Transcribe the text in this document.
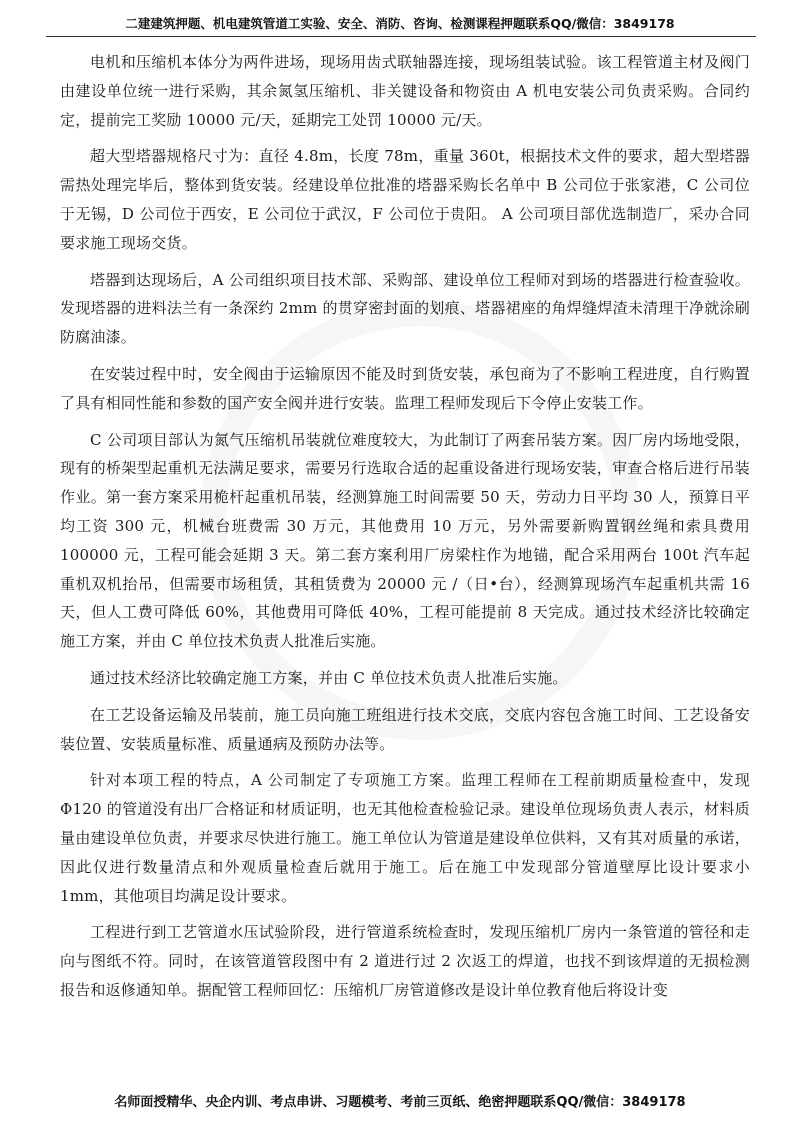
二建建筑押题、机电建筑管道工实验、安全、消防、咨询、检测课程押题联系QQ/微信：3849178

电机和压缩机本体分为两件进场，现场用齿式联轴器连接，现场组装试验。该工程管道主材及阀门由建设单位统一进行采购，其余氮氢压缩机、非关键设备和物资由 A 机电安装公司负责采购。合同约定，提前完工奖励 10000 元/天，延期完工处罚 10000 元/天。

超大型塔器规格尺寸为：直径 4.8m，长度 78m，重量 360t，根据技术文件的要求，超大型塔器需热处理完毕后，整体到货安装。经建设单位批准的塔器采购长名单中 B 公司位于张家港，C 公司位于无锡，D 公司位于西安，E 公司位于武汉，F 公司位于贵阳。 A 公司项目部优选制造厂，采办合同要求施工现场交货。

塔器到达现场后，A 公司组织项目技术部、采购部、建设单位工程师对到场的塔器进行检查验收。发现塔器的进料法兰有一条深约 2mm 的贯穿密封面的划痕、塔器裙座的角焊缝焊渣未清理干净就涂刷防腐油漆。

在安装过程中时，安全阀由于运输原因不能及时到货安装，承包商为了不影响工程进度，自行购置了具有相同性能和参数的国产安全阀并进行安装。监理工程师发现后下令停止安装工作。

C 公司项目部认为氮气压缩机吊装就位难度较大，为此制订了两套吊装方案。因厂房内场地受限，现有的桥架型起重机无法满足要求，需要另行选取合适的起重设备进行现场安装，审查合格后进行吊装作业。第一套方案采用桅杆起重机吊装，经测算施工时间需要 50 天，劳动力日平均 30 人，预算日平均工资 300 元，机械台班费需 30 万元，其他费用 10 万元，另外需要新购置钢丝绳和索具费用 100000 元，工程可能会延期 3 天。第二套方案利用厂房梁柱作为地锚，配合采用两台 100t 汽车起重机双机抬吊，但需要市场租赁，其租赁费为 20000 元 /（日•台），经测算现场汽车起重机共需 16 天，但人工费可降低 60%，其他费用可降低 40%，工程可能提前 8 天完成。通过技术经济比较确定施工方案，并由 C 单位技术负责人批准后实施。

通过技术经济比较确定施工方案，并由 C 单位技术负责人批准后实施。

在工艺设备运输及吊装前，施工员向施工班组进行技术交底，交底内容包含施工时间、工艺设备安装位置、安装质量标准、质量通病及预防办法等。

针对本项工程的特点，A 公司制定了专项施工方案。监理工程师在工程前期质量检查中，发现Φ120 的管道没有出厂合格证和材质证明，也无其他检查检验记录。建设单位现场负责人表示，材料质量由建设单位负责，并要求尽快进行施工。施工单位认为管道是建设单位供料，又有其对质量的承诺，因此仅进行数量清点和外观质量检查后就用于施工。后在施工中发现部分管道壁厚比设计要求小 1mm，其他项目均满足设计要求。

工程进行到工艺管道水压试验阶段，进行管道系统检查时，发现压缩机厂房内一条管道的管径和走向与图纸不符。同时，在该管道管段图中有 2 道进行过 2 次返工的焊道，也找不到该焊道的无损检测报告和返修通知单。据配管工程师回忆：压缩机厂房管道修改是设计单位教育他后将设计变

名师面授精华、央企内训、考点串讲、习题模考、考前三页纸、绝密押题联系QQ/微信：3849178
